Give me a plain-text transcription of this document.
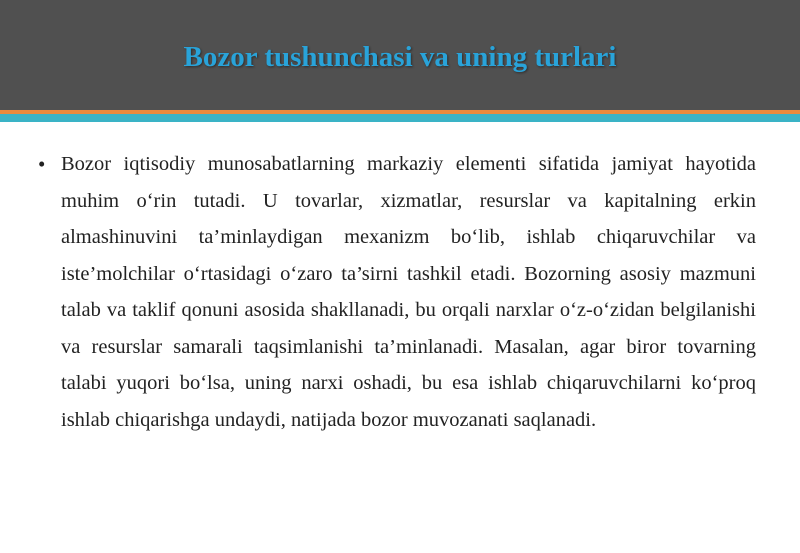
Bozor tushunchasi va uning turlari
• Bozor iqtisodiy munosabatlarning markaziy elementi sifatida jamiyat hayotida muhim o‘rin tutadi. U tovarlar, xizmatlar, resurslar va kapitalning erkin almashinuvini ta’minlaydigan mexanizm bo‘lib, ishlab chiqaruvchilar va iste’molchilar o‘rtasidagi o‘zaro ta’sirni tashkil etadi. Bozorning asosiy mazmuni talab va taklif qonuni asosida shakllanadi, bu orqali narxlar o‘z-o‘zidan belgilanishi va resurslar samarali taqsimlanishi ta’minlanadi. Masalan, agar biror tovarning talabi yuqori bo‘lsa, uning narxi oshadi, bu esa ishlab chiqaruvchilarni ko‘proq ishlab chiqarishga undaydi, natijada bozor muvozanati saqlanadi.
